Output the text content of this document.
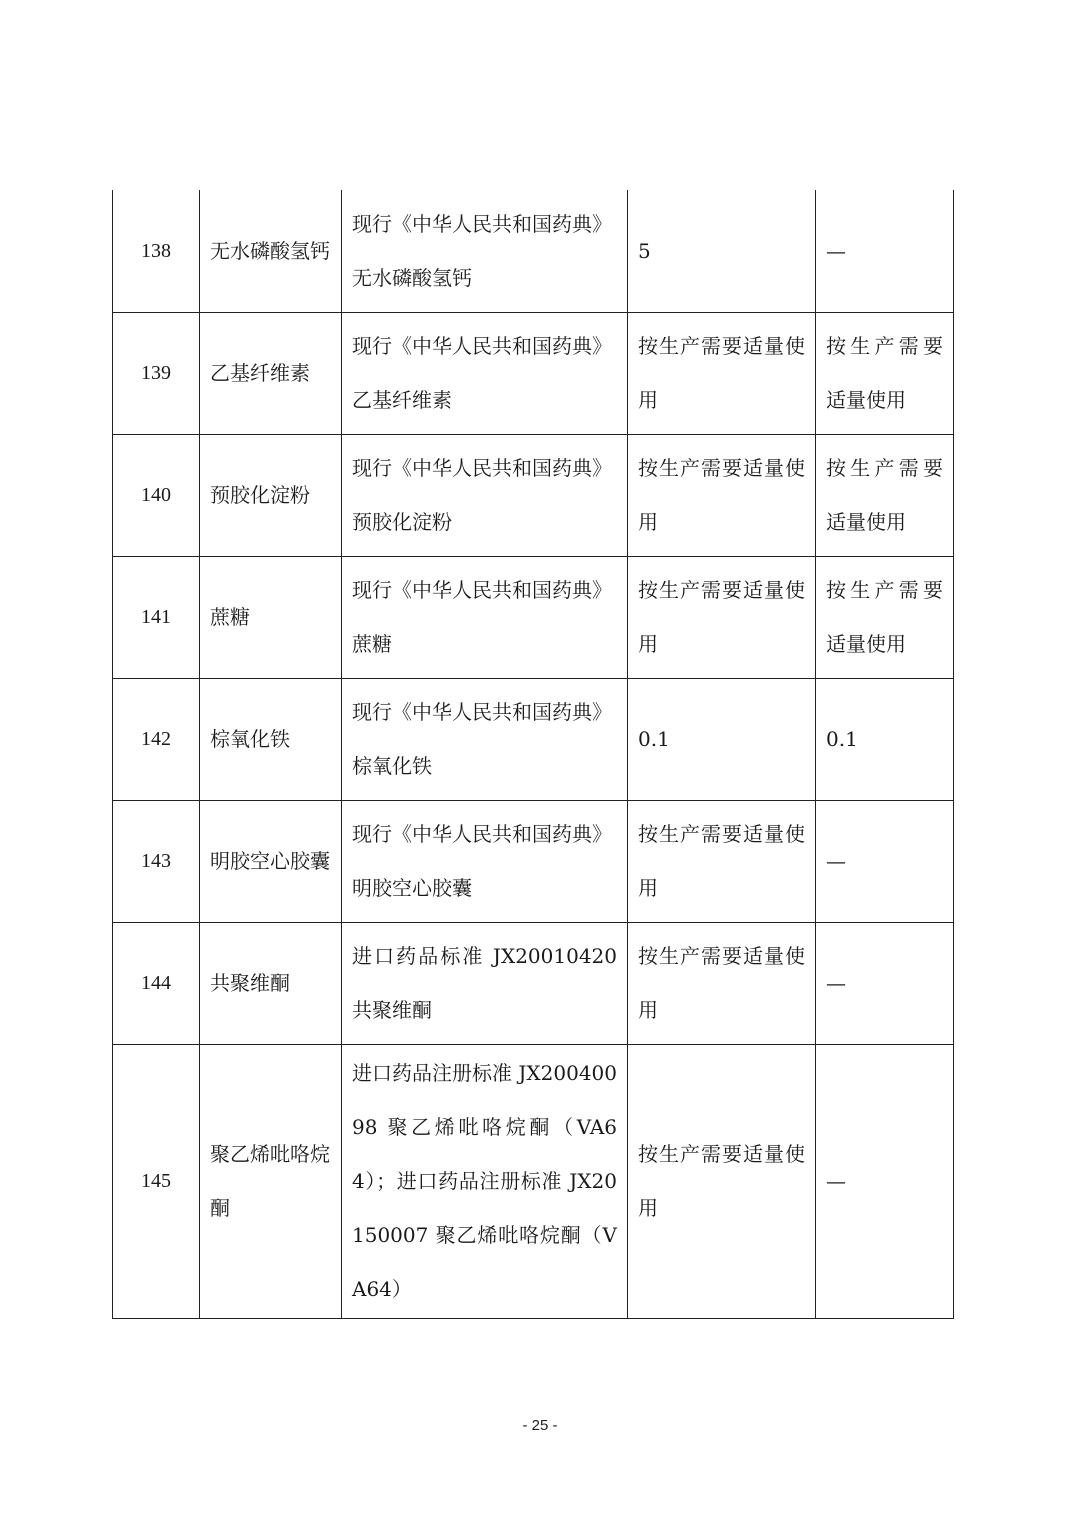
138	无水磷酸氢钙	现行《中华人民共和国药典》无水磷酸氢钙	5	—
139	乙基纤维素	现行《中华人民共和国药典》乙基纤维素	按生产需要适量使用	按生产需要适量使用
140	预胶化淀粉	现行《中华人民共和国药典》预胶化淀粉	按生产需要适量使用	按生产需要适量使用
141	蔗糖	现行《中华人民共和国药典》蔗糖	按生产需要适量使用	按生产需要适量使用
142	棕氧化铁	现行《中华人民共和国药典》棕氧化铁	0.1	0.1
143	明胶空心胶囊	现行《中华人民共和国药典》明胶空心胶囊	按生产需要适量使用	—
144	共聚维酮	进口药品标准 JX20010420 共聚维酮	按生产需要适量使用	—
145	聚乙烯吡咯烷酮	进口药品注册标准 JX20040098 聚乙烯吡咯烷酮（VA64）；进口药品注册标准 JX20150007 聚乙烯吡咯烷酮（VA64）	按生产需要适量使用	—
- 25 -
